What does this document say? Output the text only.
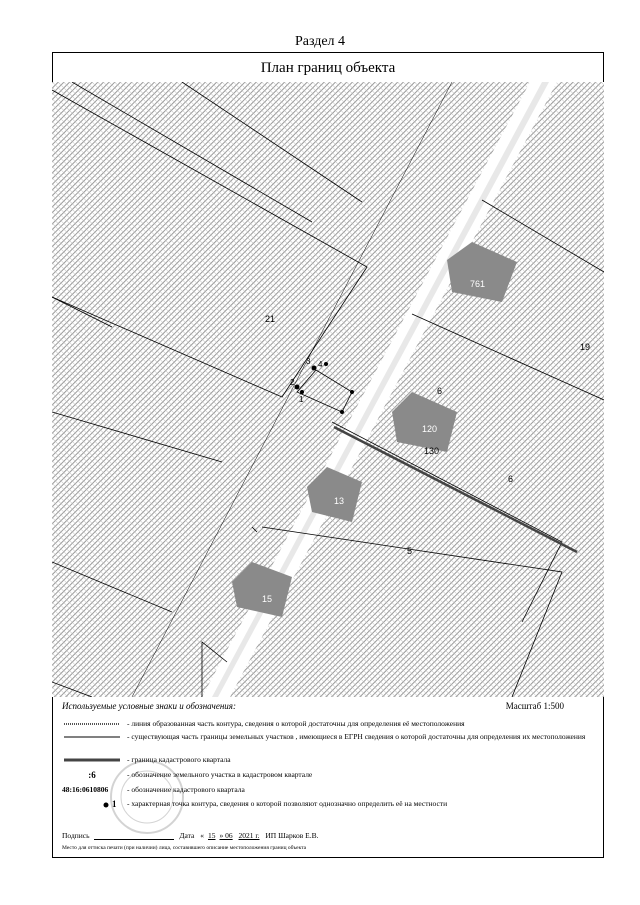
Раздел 4
План границ объекта
761
21
19
6
120
130
6
13
5
15
3 4
2
1
Используемые условные знаки и обозначения:	Масштаб 1:500
- линия образованная часть контура, сведения о которой достаточны для определения её местоположения
- существующая часть границы земельных участков , имеющиеся в ЕГРН сведения о которой достаточны для определения их местоположения
- граница кадастрового квартала
:6	- обозначение земельного участка в кадастровом квартале
48:16:0610806	- обозначение кадастрового квартала
1 - характерная точка контура, сведения о которой позволяют однозначно определить её на местности
Подпись	Дата « 15 » 06 2021 г. ИП Шарков Е.В.
Место для оттиска печати (при наличии) лица, составившего описание местоположения границ объекта
